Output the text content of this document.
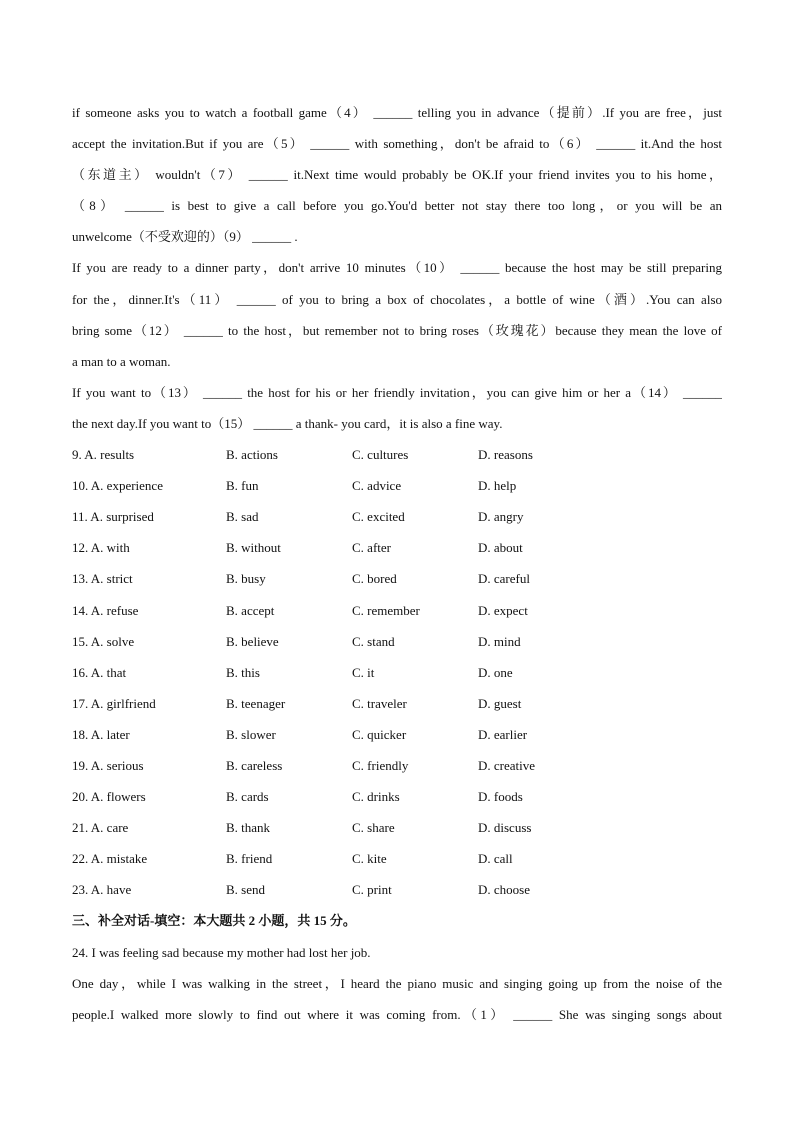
if someone asks you to watch a football game（4） ______ telling you in advance（提前）.If you are free，just
accept the invitation.But if you are（5） ______ with something，don't be afraid to（6） ______ it.And the host
（东道主） wouldn't（7） ______ it.Next time would probably be OK.If your friend invites you to his home，
（8） ______ is best to give a call before you go.You'd better not stay there too long，or you will be an
unwelcome（不受欢迎的）（9） ______ .
If you are ready to a dinner party，don't arrive 10 minutes（10） ______ because the host may be still preparing
for the，dinner.It's（11） ______ of you to bring a box of chocolates，a bottle of wine（酒）.You can also
bring some（12） ______ to the host，but remember not to bring roses（玫瑰花）because they mean the love of
a man to a woman.
If you want to（13） ______ the host for his or her friendly invitation，you can give him or her a（14） ______
the next day.If you want to（15） ______ a thank- you card，it is also a fine way.
9. A. results	B. actions	C. cultures	D. reasons
10. A. experience	B. fun	C. advice	D. help
11. A. surprised	B. sad	C. excited	D. angry
12. A. with	B. without	C. after	D. about
13. A. strict	B. busy	C. bored	D. careful
14. A. refuse	B. accept	C. remember	D. expect
15. A. solve	B. believe	C. stand	D. mind
16. A. that	B. this	C. it	D. one
17. A. girlfriend	B. teenager	C. traveler	D. guest
18. A. later	B. slower	C. quicker	D. earlier
19. A. serious	B. careless	C. friendly	D. creative
20. A. flowers	B. cards	C. drinks	D. foods
21. A. care	B. thank	C. share	D. discuss
22. A. mistake	B. friend	C. kite	D. call
23. A. have	B. send	C. print	D. choose
三、补全对话-填空：本大题共 2 小题，共 15 分。
24. I was feeling sad because my mother had lost her job.
One day，while I was walking in the street，I heard the piano music and singing going up from the noise of the
people.I walked more slowly to find out where it was coming from.（1） ______ She was singing songs about
